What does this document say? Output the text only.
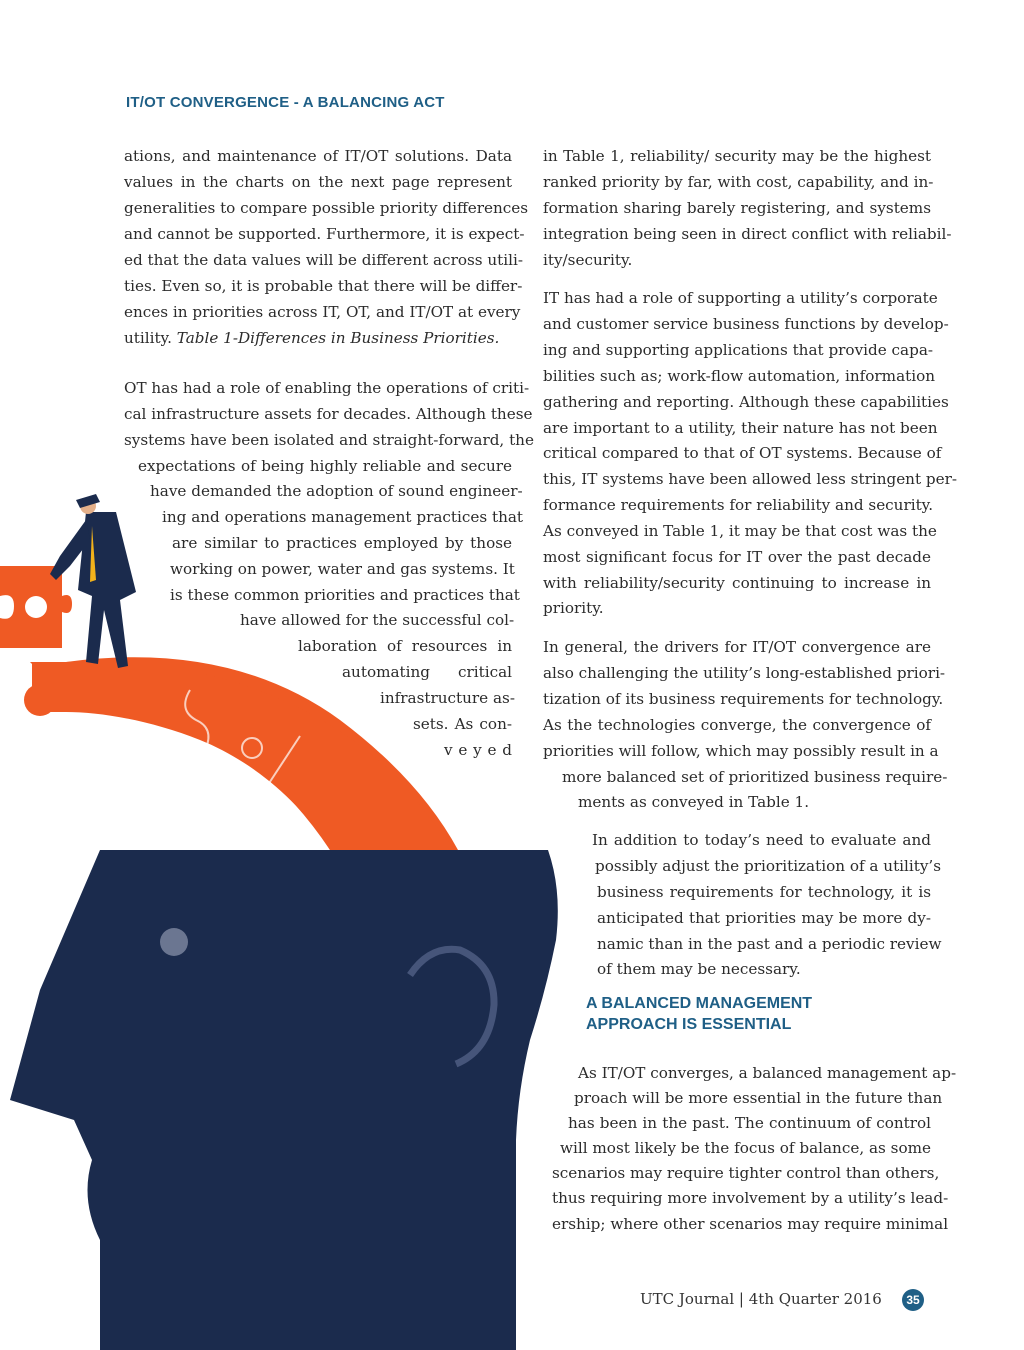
IT/OT CONVERGENCE - A BALANCING ACT
ations, and maintenance of IT/OT solutions. Data
values in the charts on the next page represent
generalities to compare possible priority differences
and cannot be supported. Furthermore, it is expect-
ed that the data values will be different across utili-
ties. Even so, it is probable that there will be differ-
ences in priorities across IT, OT, and IT/OT at every
utility. Table 1-Differences in Business Priorities.
OT has had a role of enabling the operations of criti-
cal infrastructure assets for decades. Although these
systems have been isolated and straight-forward, the
expectations of being highly reliable and secure
have demanded the adoption of sound engineer-
ing and operations management practices that
are similar to practices employed by those
working on power, water and gas systems. It
is these common priorities and practices that
have allowed for the successful col-
laboration of resources in
automating critical
infrastructure as-
sets. As con-
v e y e d
in Table 1, reliability/ security may be the highest
ranked priority by far, with cost, capability, and in-
formation sharing barely registering, and systems
integration being seen in direct conflict with reliabil-
ity/security.
IT has had a role of supporting a utility’s corporate
and customer service business functions by develop-
ing and supporting applications that provide capa-
bilities such as; work-flow automation, information
gathering and reporting. Although these capabilities
are important to a utility, their nature has not been
critical compared to that of OT systems. Because of
this, IT systems have been allowed less stringent per-
formance requirements for reliability and security.
As conveyed in Table 1, it may be that cost was the
most significant focus for IT over the past decade
with reliability/security continuing to increase in
priority.
In general, the drivers for IT/OT convergence are
also challenging the utility’s long-established priori-
tization of its business requirements for technology.
As the technologies converge, the convergence of
priorities will follow, which may possibly result in a
more balanced set of prioritized business require-
ments as conveyed in Table 1.
In addition to today’s need to evaluate and
possibly adjust the prioritization of a utility’s
business requirements for technology, it is
anticipated that priorities may be more dy-
namic than in the past and a periodic review
of them may be necessary.
As IT/OT converges, a balanced management ap-
proach will be more essential in the future than
has been in the past. The continuum of control
will most likely be the focus of balance, as some
scenarios may require tighter control than others,
thus requiring more involvement by a utility’s lead-
ership; where other scenarios may require minimal
A BALANCED MANAGEMENT
APPROACH IS ESSENTIAL
UTC Journal | 4th Quarter 2016	35
